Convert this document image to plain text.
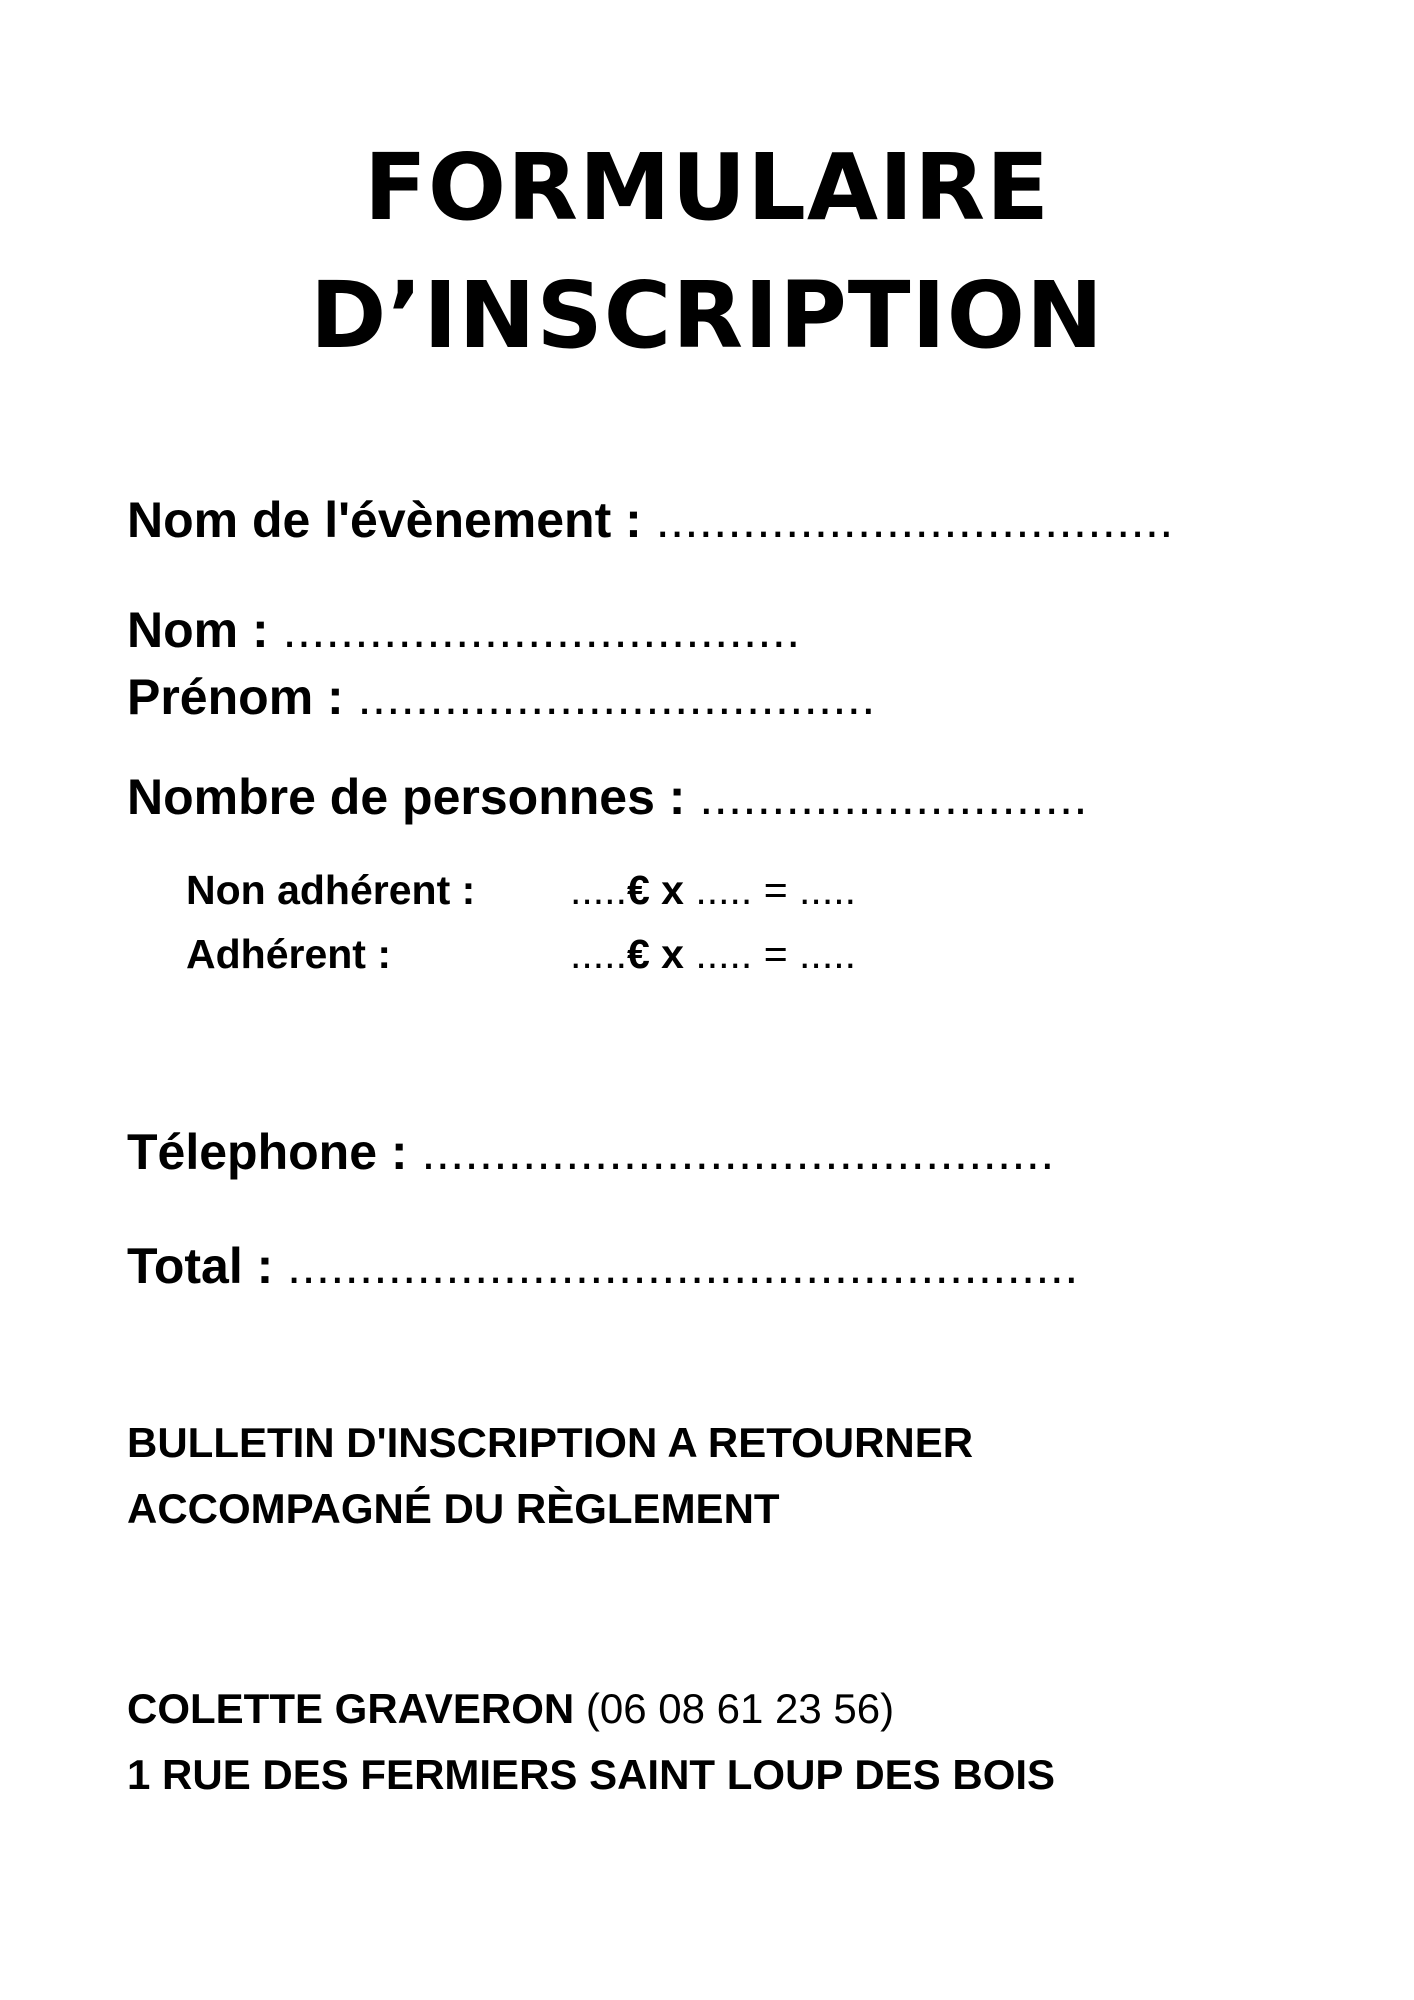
FORMULAIRE
D’INSCRIPTION
Nom de l'évènement : ....................................
Nom : ....................................
Prénom : ....................................
Nombre de personnes : ...........................
Non adhérent : .....€ x ..... = .....
Adhérent :	.....€ x ..... = .....
Télephone : ............................................
Total : .......................................................
BULLETIN D'INSCRIPTION A RETOURNER
ACCOMPAGNÉ DU RÈGLEMENT
COLETTE GRAVERON (06 08 61 23 56)
1 RUE DES FERMIERS SAINT LOUP DES BOIS
